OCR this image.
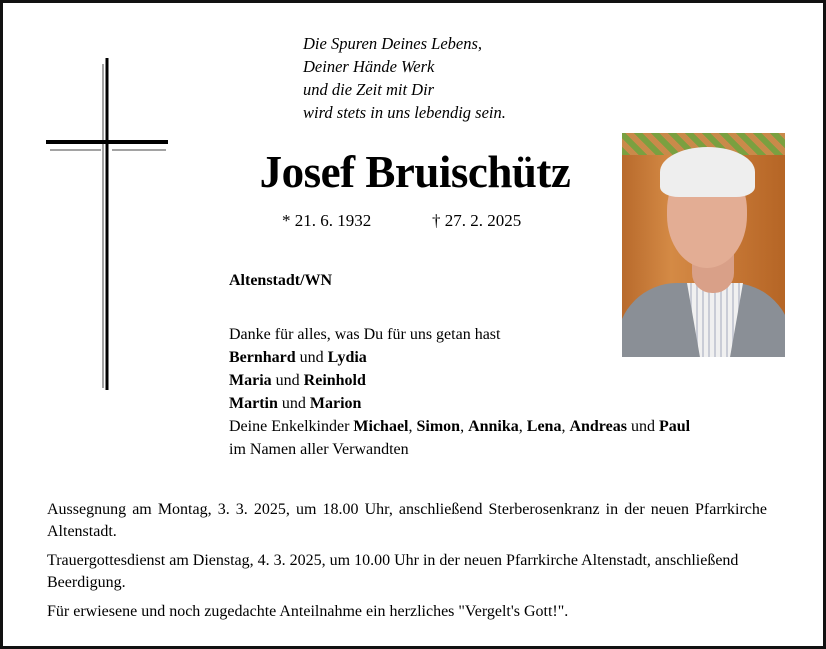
Die Spuren Deines Lebens,
Deiner Hände Werk
und die Zeit mit Dir
wird stets in uns lebendig sein.
Josef Bruischütz
* 21. 6. 1932	† 27. 2. 2025
Altenstadt/WN
Danke für alles, was Du für uns getan hast
Bernhard und Lydia
Maria und Reinhold
Martin und Marion
Deine Enkelkinder Michael, Simon, Annika, Lena, Andreas und Paul
im Namen aller Verwandten
Aussegnung am Montag, 3. 3. 2025, um 18.00 Uhr, anschließend Sterberosenkranz in der neuen Pfarrkirche Altenstadt.
Trauergottesdienst am Dienstag, 4. 3. 2025, um 10.00 Uhr in der neuen Pfarrkirche Altenstadt, anschließend Beerdigung.
Für erwiesene und noch zugedachte Anteilnahme ein herzliches "Vergelt's Gott!".
